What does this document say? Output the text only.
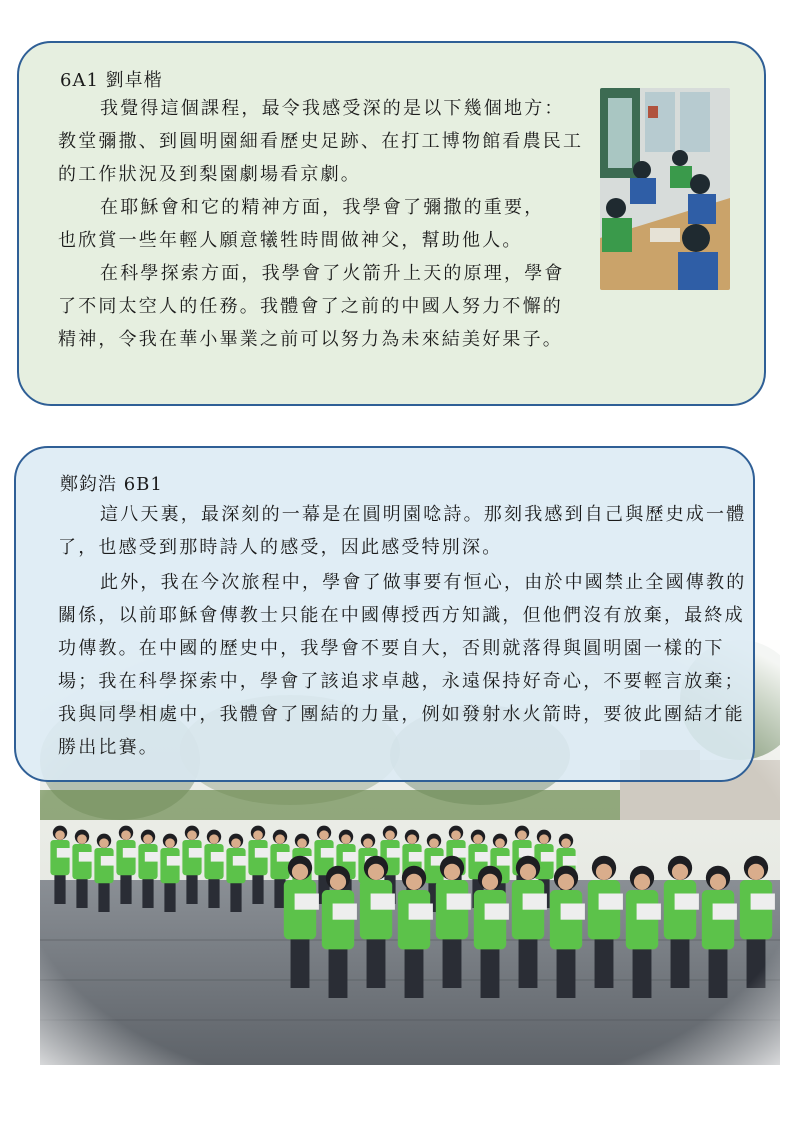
6A1 劉卓楷

我覺得這個課程，最令我感受深的是以下幾個地方：教堂彌撒、到圓明園細看歷史足跡、在打工博物館看農民工的工作狀況及到梨園劇場看京劇。

在耶穌會和它的精神方面，我學會了彌撒的重要，也欣賞一些年輕人願意犧牲時間做神父，幫助他人。

在科學探索方面，我學會了火箭升上天的原理，學會了不同太空人的任務。我體會了之前的中國人努力不懈的精神，令我在華小畢業之前可以努力為未來結美好果子。

鄭鈞浩 6B1

這八天裏，最深刻的一幕是在圓明園唸詩。那刻我感到自己與歷史成一體了，也感受到那時詩人的感受，因此感受特別深。

此外，我在今次旅程中，學會了做事要有恒心，由於中國禁止全國傳教的關係，以前耶穌會傳教士只能在中國傳授西方知識，但他們沒有放棄，最終成功傳教。在中國的歷史中，我學會不要自大，否則就落得與圓明園一樣的下場；我在科學探索中，學會了該追求卓越，永遠保持好奇心，不要輕言放棄；我與同學相處中，我體會了團結的力量，例如發射水火箭時，要彼此團結才能勝出比賽。
